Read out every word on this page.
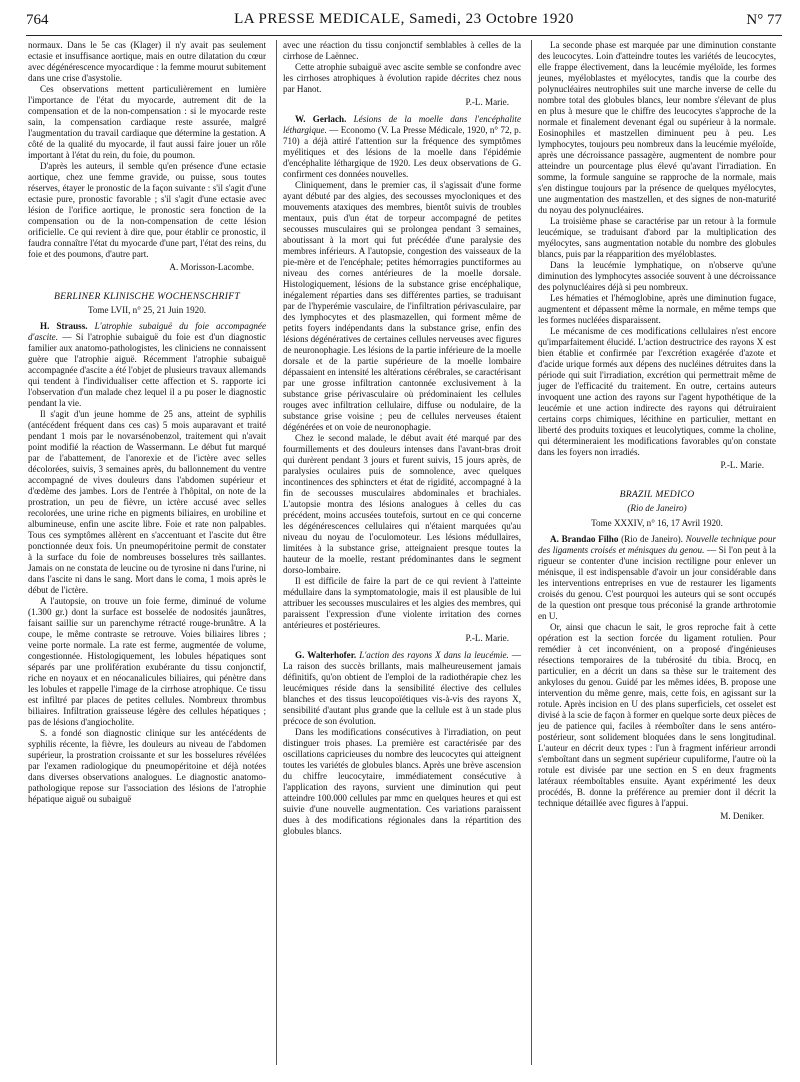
764	LA PRESSE MEDICALE, Samedi, 23 Octobre 1920	N° 77

normaux. Dans le 5e cas (Klager) il n'y avait pas seulement ectasie et insuffisance aortique, mais en outre dilatation du cœur avec dégénérescence myocardique : la femme mourut subitement dans une crise d'asystolie.

Ces observations mettent particulièrement en lumière l'importance de l'état du myocarde, autrement dit de la compensation et de la non-compensation : si le myocarde reste sain, la compensation cardiaque reste assurée, malgré l'augmentation du travail cardiaque que détermine la gestation. A côté de la qualité du myocarde, il faut aussi faire jouer un rôle important à l'état du rein, du foie, du poumon.

D'après les auteurs, il semble qu'en présence d'une ectasie aortique, chez une femme gravide, ou puisse, sous toutes réserves, étayer le pronostic de la façon suivante : s'il s'agit d'une ectasie pure, pronostic favorable ; s'il s'agit d'une ectasie avec lésion de l'orifice aortique, le pronostic sera fonction de la compensation ou de la non-compensation de cette lésion orificielle. Ce qui revient à dire que, pour établir ce pronostic, il faudra connaître l'état du myocarde d'une part, l'état des reins, du foie et des poumons, d'autre part.

A. Morisson-Lacombe.

BERLINER KLINISCHE WOCHENSCHRIFT

Tome LVII, n° 25, 21 Juin 1920.

H. Strauss. L'atrophie subaiguë du foie accompagnée d'ascite. — Si l'atrophie subaiguë du foie est d'un diagnostic familier aux anatomo-pathologistes, les cliniciens ne connaissent guère que l'atrophie aiguë. Récemment l'atrophie subaiguë accompagnée d'ascite a été l'objet de plusieurs travaux allemands qui tendent à l'individualiser cette affection et S. rapporte ici l'observation d'un malade chez lequel il a pu poser le diagnostic pendant la vie.

Il s'agit d'un jeune homme de 25 ans, atteint de syphilis (antécédent fréquent dans ces cas) 5 mois auparavant et traité pendant 1 mois par le novarsénobenzol, traitement qui n'avait point modifié la réaction de Wassermann. Le début fut marqué par de l'abattement, de l'anorexie et de l'ictère avec selles décolorées, suivis, 3 semaines après, du ballonnement du ventre accompagné de vives douleurs dans l'abdomen supérieur et d'œdème des jambes. Lors de l'entrée à l'hôpital, on note de la prostration, un peu de fièvre, un ictère accusé avec selles recolorées, une urine riche en pigments biliaires, en urobiline et albumineuse, enfin une ascite libre. Foie et rate non palpables. Tous ces symptômes allèrent en s'accentuant et l'ascite dut être ponctionnée deux fois. Un pneumopéritoine permit de constater à la surface du foie de nombreuses bosselures très saillantes. Jamais on ne constata de leucine ou de tyrosine ni dans l'urine, ni dans l'ascite ni dans le sang. Mort dans le coma, 1 mois après le début de l'ictère.

A l'autopsie, on trouve un foie ferme, diminué de volume (1.300 gr.) dont la surface est bosselée de nodosités jaunâtres, faisant saillie sur un parenchyme rétracté rouge-brunâtre. A la coupe, le même contraste se retrouve. Voies biliaires libres ; veine porte normale. La rate est ferme, augmentée de volume, congestionnée. Histologiquement, les lobules hépatiques sont séparés par une prolifération exubérante du tissu conjonctif, riche en noyaux et en néocanalicules biliaires, qui pénètre dans les lobules et rappelle l'image de la cirrhose atrophique. Ce tissu est infiltré par places de petites cellules. Nombreux thrombus biliaires. Infiltration graisseuse légère des cellules hépatiques ; pas de lésions d'angiocholite.

S. a fondé son diagnostic clinique sur les antécédents de syphilis récente, la fièvre, les douleurs au niveau de l'abdomen supérieur, la prostration croissante et sur les bosselures révélées par l'examen radiologique du pneumopéritoine et déjà notées dans diverses observations analogues. Le diagnostic anatomo-pathologique repose sur l'association des lésions de l'atrophie hépatique aiguë ou subaiguë

avec une réaction du tissu conjonctif semblables à celles de la cirrhose de Laënnec.

Cette atrophie subaiguë avec ascite semble se confondre avec les cirrhoses atrophiques à évolution rapide décrites chez nous par Hanot.

P.-L. Marie.

W. Gerlach. Lésions de la moelle dans l'encéphalite léthargique. — Economo (V. La Presse Médicale, 1920, n° 72, p. 710) a déjà attiré l'attention sur la fréquence des symptômes myélitiques et des lésions de la moelle dans l'épidémie d'encéphalite léthargique de 1920. Les deux observations de G. confirment ces données nouvelles.

Cliniquement, dans le premier cas, il s'agissait d'une forme ayant débuté par des algies, des secousses myocloniques et des mouvements ataxiques des membres, bientôt suivis de troubles mentaux, puis d'un état de torpeur accompagné de petites secousses musculaires qui se prolongea pendant 3 semaines, aboutissant à la mort qui fut précédée d'une paralysie des membres inférieurs. A l'autopsie, congestion des vaisseaux de la pie-mère et de l'encéphale; petites hémorragies punctiformes au niveau des cornes antérieures de la moelle dorsale. Histologiquement, lésions de la substance grise encéphalique, inégalement réparties dans ses différentes parties, se traduisant par de l'hyperémie vasculaire, de l'infiltration périvasculaire, par des lymphocytes et des plasmazellen, qui forment même de petits foyers indépendants dans la substance grise, enfin des lésions dégénératives de certaines cellules nerveuses avec figures de neuronophagie. Les lésions de la partie inférieure de la moelle dorsale et de la partie supérieure de la moelle lombaire dépassaient en intensité les altérations cérébrales, se caractérisant par une grosse infiltration cantonnée exclusivement à la substance grise périvasculaire où prédominaient les cellules rouges avec infiltration cellulaire, diffuse ou nodulaire, de la substance grise voisine ; peu de cellules nerveuses étaient dégénérées et on voie de neuronophagie.

Chez le second malade, le début avait été marqué par des fourmillements et des douleurs intenses dans l'avant-bras droit qui durèrent pendant 3 jours et furent suivis, 15 jours après, de paralysies oculaires puis de somnolence, avec quelques incontinences des sphincters et état de rigidité, accompagné à la fin de secousses musculaires abdominales et brachiales. L'autopsie montra des lésions analogues à celles du cas précédent, moins accusées toutefois, surtout en ce qui concerne les dégénérescences cellulaires qui n'étaient marquées qu'au niveau du noyau de l'oculomoteur. Les lésions médullaires, limitées à la substance grise, atteignaient presque toutes la hauteur de la moelle, restant prédominantes dans le segment dorso-lombaire.

Il est difficile de faire la part de ce qui revient à l'atteinte médullaire dans la symptomatologie, mais il est plausible de lui attribuer les secousses musculaires et les algies des membres, qui paraissent l'expression d'une violente irritation des cornes antérieures et postérieures.

P.-L. Marie.

G. Walterhofer. L'action des rayons X dans la leucémie. — La raison des succès brillants, mais malheureusement jamais définitifs, qu'on obtient de l'emploi de la radiothérapie chez les leucémiques réside dans la sensibilité élective des cellules blanches et des tissus leucopoïétiques vis-à-vis des rayons X, sensibilité d'autant plus grande que la cellule est à un stade plus précoce de son évolution.

Dans les modifications consécutives à l'irradiation, on peut distinguer trois phases. La première est caractérisée par des oscillations capricieuses du nombre des leucocytes qui atteignent toutes les variétés de globules blancs. Après une brève ascension du chiffre leucocytaire, immédiatement consécutive à l'application des rayons, survient une diminution qui peut atteindre 100.000 cellules par mmc en quelques heures et qui est suivie d'une nouvelle augmentation. Ces variations paraissent dues à des modifications régionales dans la répartition des globules blancs.

La seconde phase est marquée par une diminution constante des leucocytes. Loin d'atteindre toutes les variétés de leucocytes, elle frappe électivement, dans la leucémie myéloïde, les formes jeunes, myéloblastes et myélocytes, tandis que la courbe des polynucléaires neutrophiles suit une marche inverse de celle du nombre total des globules blancs, leur nombre s'élevant de plus en plus à mesure que le chiffre des leucocytes s'approche de la normale et finalement devenant égal ou supérieur à la normale. Eosinophiles et mastzellen diminuent peu à peu. Les lymphocytes, toujours peu nombreux dans la leucémie myéloïde, après une décroissance passagère, augmentent de nombre pour atteindre un pourcentage plus élevé qu'avant l'irradiation. En somme, la formule sanguine se rapproche de la normale, mais s'en distingue toujours par la présence de quelques myélocytes, une augmentation des mastzellen, et des signes de non-maturité du noyau des polynucléaires.

La troisième phase se caractérise par un retour à la formule leucémique, se traduisant d'abord par la multiplication des myélocytes, sans augmentation notable du nombre des globules blancs, puis par la réapparition des myéloblastes.

Dans la leucémie lymphatique, on n'observe qu'une diminution des lymphocytes associée souvent à une décroissance des polynucléaires déjà si peu nombreux.

Les hématies et l'hémoglobine, après une diminution fugace, augmentent et dépassent même la normale, en même temps que les formes nucléées disparaissent.

Le mécanisme de ces modifications cellulaires n'est encore qu'imparfaitement élucidé. L'action destructrice des rayons X est bien établie et confirmée par l'excrétion exagérée d'azote et d'acide urique formés aux dépens des nucléines détruites dans la période qui suit l'irradiation, excrétion qui permettrait même de juger de l'efficacité du traitement. En outre, certains auteurs invoquent une action des rayons sur l'agent hypothétique de la leucémie et une action indirecte des rayons qui détruiraient certains corps chimiques, lécithine en particulier, mettant en liberté des produits toxiques et leucolytiques, comme la choline, qui détermineraient les modifications favorables qu'on constate dans les foyers non irradiés.

P.-L. Marie.

BRAZIL MEDICO

(Rio de Janeiro)

Tome XXXIV, n° 16, 17 Avril 1920.

A. Brandao Filho (Rio de Janeiro). Nouvelle technique pour des ligaments croisés et ménisques du genou. — Si l'on peut à la rigueur se contenter d'une incision rectiligne pour enlever un ménisque, il est indispensable d'avoir un jour considérable dans les interventions entreprises en vue de restaurer les ligaments croisés du genou. C'est pourquoi les auteurs qui se sont occupés de la question ont presque tous préconisé la grande arthrotomie en U.

Or, ainsi que chacun le sait, le gros reproche fait à cette opération est la section forcée du ligament rotulien. Pour remédier à cet inconvénient, on a proposé d'ingénieuses résections temporaires de la tubérosité du tibia. Brocq, en particulier, en a décrit un dans sa thèse sur le traitement des ankyloses du genou. Guidé par les mêmes idées, B. propose une intervention du même genre, mais, cette fois, en agissant sur la rotule. Après incision en U des plans superficiels, cet osselet est divisé à la scie de façon à former en quelque sorte deux pièces de jeu de patience qui, faciles à réemboîter dans le sens antéro-postérieur, sont solidement bloquées dans le sens longitudinal. L'auteur en décrit deux types : l'un à fragment inférieur arrondi s'emboîtant dans un segment supérieur cupuliforme, l'autre où la rotule est divisée par une section en S en deux fragments latéraux réemboîtables ensuite. Ayant expérimenté les deux procédés, B. donne la préférence au premier dont il décrit la technique détaillée avec figures à l'appui.

M. Deniker.
